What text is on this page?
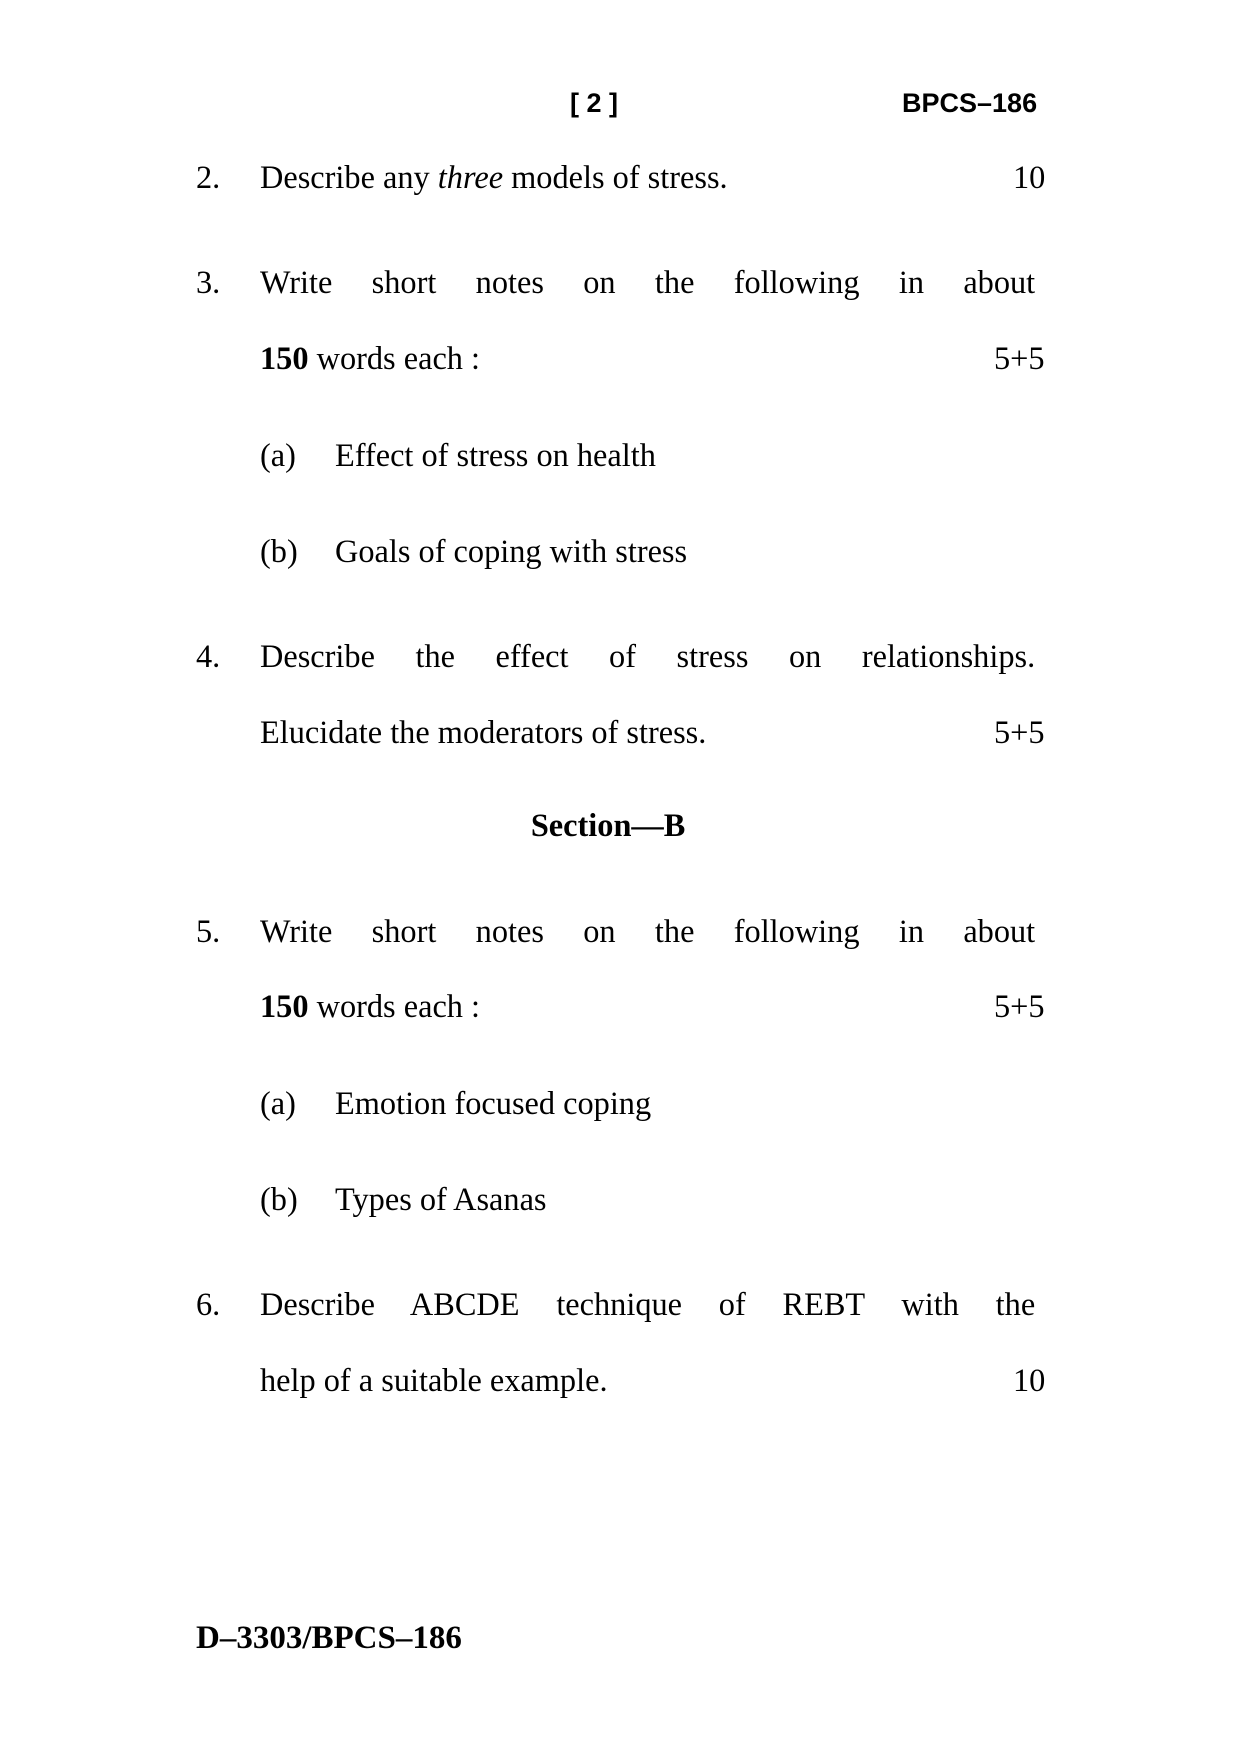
[ 2 ]	BPCS–186
2. Describe any three models of stress.	10
3. Write short notes on the following in about
150 words each :	5+5
(a) Effect of stress on health
(b) Goals of coping with stress
4. Describe the effect of stress on relationships.
Elucidate the moderators of stress.	5+5
Section—B
5. Write short notes on the following in about
150 words each :	5+5
(a) Emotion focused coping
(b) Types of Asanas
6. Describe ABCDE technique of REBT with the
help of a suitable example.	10
D–3303/BPCS–186
